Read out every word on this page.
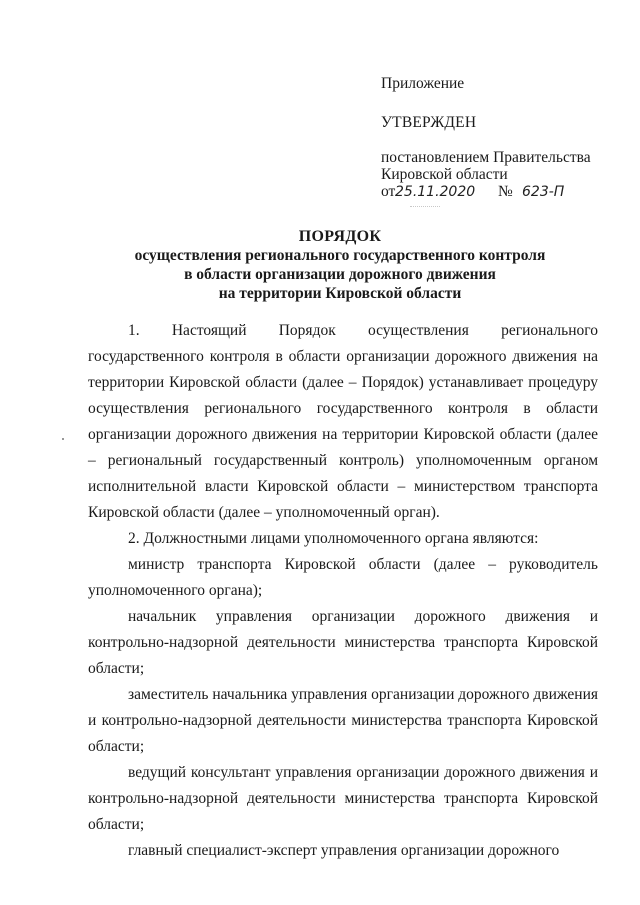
Приложение
УТВЕРЖДЕН
постановлением Правительства
Кировской области
от 25.11.2020 № 623-П
ПОРЯДОК
осуществления регионального государственного контроля
в области организации дорожного движения
на территории Кировской области

1. Настоящий Порядок осуществления регионального государственного контроля в области организации дорожного движения на территории Кировской области (далее – Порядок) устанавливает процедуру осуществления регионального государственного контроля в области организации дорожного движения на территории Кировской области (далее – региональный государственный контроль) уполномоченным органом исполнительной власти Кировской области – министерством транспорта Кировской области (далее – уполномоченный орган).

2. Должностными лицами уполномоченного органа являются:

министр транспорта Кировской области (далее – руководитель уполномоченного органа);

начальник управления организации дорожного движения и контрольно-надзорной деятельности министерства транспорта Кировской области;

заместитель начальника управления организации дорожного движения и контрольно-надзорной деятельности министерства транспорта Кировской области;

ведущий консультант управления организации дорожного движения и контрольно-надзорной деятельности министерства транспорта Кировской области;

главный специалист-эксперт управления организации дорожного
